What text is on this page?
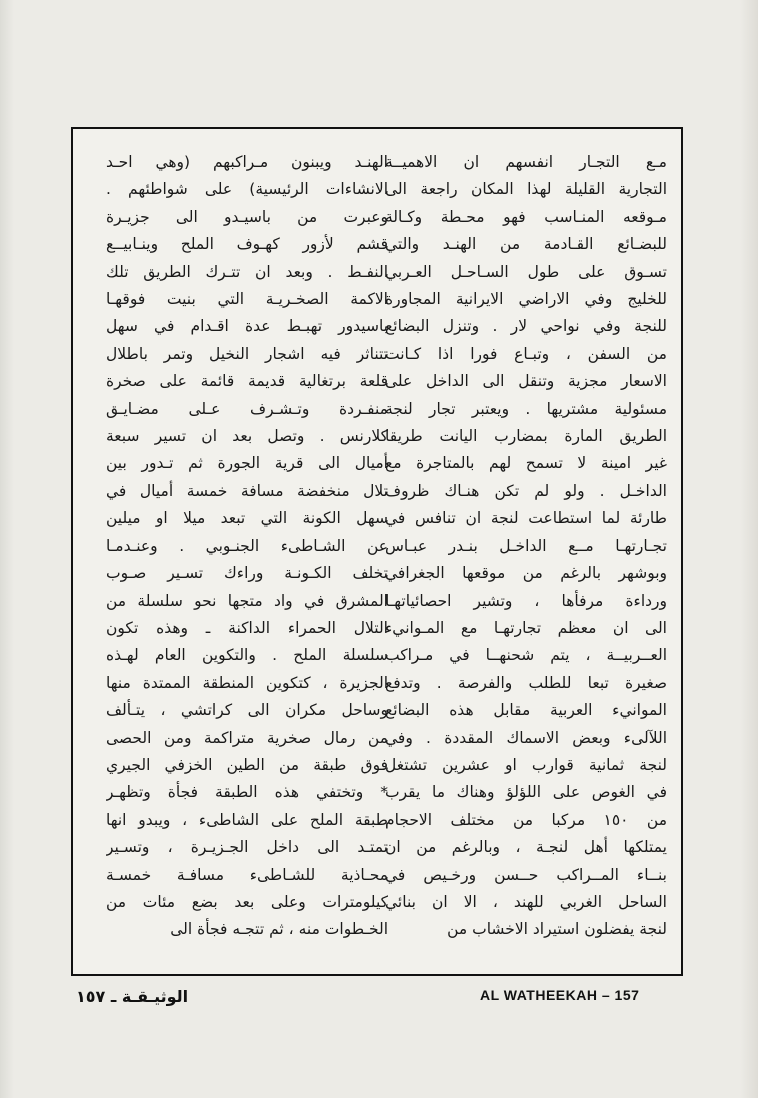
مـع التجـار انفسهم ان الاهميــة
التجارية القليلة لهذا المكان راجعة الى
مـوقعه المنـاسب فهو محـطة وكـالة
للبضـائع القـادمة من الهنـد والتي
تسـوق على طول السـاحـل العـربي
للخليج وفي الاراضي الايرانية المجاورة
للنجة وفي نواحي لار . وتنزل البضائع
من السفن ، وتبـاع فورا اذا كـانت
الاسعار مجزية وتنقل الى الداخل على
مسئولية مشتريها . ويعتبر تجار لنجة
الطريق المارة بمضارب اليانت طريقا
غير امينة لا تسمح لهم بالمتاجرة مع
الداخـل . ولو لم تكن هنـاك ظروف
طارئة لما استطاعت لنجة ان تنافس في
تجـارتهـا مــع الداخـل بنـدر عبـاس
وبوشهر بالرغم من موقعها الجغرافي
ورداءة مرفأها ، وتشير احصائياتهـا
الى ان معظم تجارتهـا مع المـوانيء
العــربيــة ، يتم شحنهــا في مـراكب
صغيرة تبعا للطلب والفرصة . وتدفع
الموانيء العربية مقابل هذه البضائع
اللآلىء وبعض الاسماك المقددة . وفي
لنجة ثمانية قوارب او عشرين تشتغل
في الغوص على اللؤلؤ وهناك ما يقرب
من ١٥٠ مركبا من مختلف الاحجام
يمتلكها أهل لنجـة ، وبالرغم من ان
بنــاء المــراكب حــسن ورخـيص في
الساحل الغربي للهند ، الا ان بنائي
لنجة يفضلون استيراد الاخشاب من
الهنـد ويبنون مـراكبهم (وهي احـد
الانشاءات الرئيسية) على شواطئهم .
وعبرت من باسيـدو الى جزيـرة
قشم لأزور كهـوف الملح وينـابيــع
النفـط . وبعد ان تتـرك الطريق تلك
الاكمة الصخـريـة التي بنيت فوقهـا
باسيدور تهبـط عدة اقـدام في سهل
تتناثر فيه اشجار النخيل وتمر باطلال
قلعة برتغالية قديمة قائمة على صخرة
منفـردة وتـشـرف عـلى مضـايـق
كلارنس . وتصل بعد ان تسير سبعة
أميال الى قرية الجورة ثم تـدور بين
تلال منخفضة مسافة خمسة أميال في
سهل الكونة التي تبعد ميلا او ميلين
عن الشـاطىء الجنـوبي . وعنـدمـا
تخلف الكـونـة وراءك تسـير صـوب
المشرق في واد متجها نحو سلسلة من
التلال الحمراء الداكنة ـ وهذه تكون
سلسلة الملح . والتكوين العام لهـذه
الجزيرة ، كتكوين المنطقة الممتدة منها
وساحل مكران الى كراتشي ، يتـألف
من رمال صخرية متراكمة ومن الحصى
فوق طبقة من الطين الخزفي الجيري
* وتختفي هذه الطبقة فجأة وتظهـر
طبقة الملح على الشاطىء ، ويبدو انها
تمتـد الى داخل الجـزيـرة ، وتسـير
محـاذية للشـاطىء مسافـة خمسـة
كيلومترات وعلى بعد بضع مئات من
الخـطوات منه ، ثم تتجـه فجأة الى
الوثيـقـة ـ ١٥٧	AL WATHEEKAH – 157
